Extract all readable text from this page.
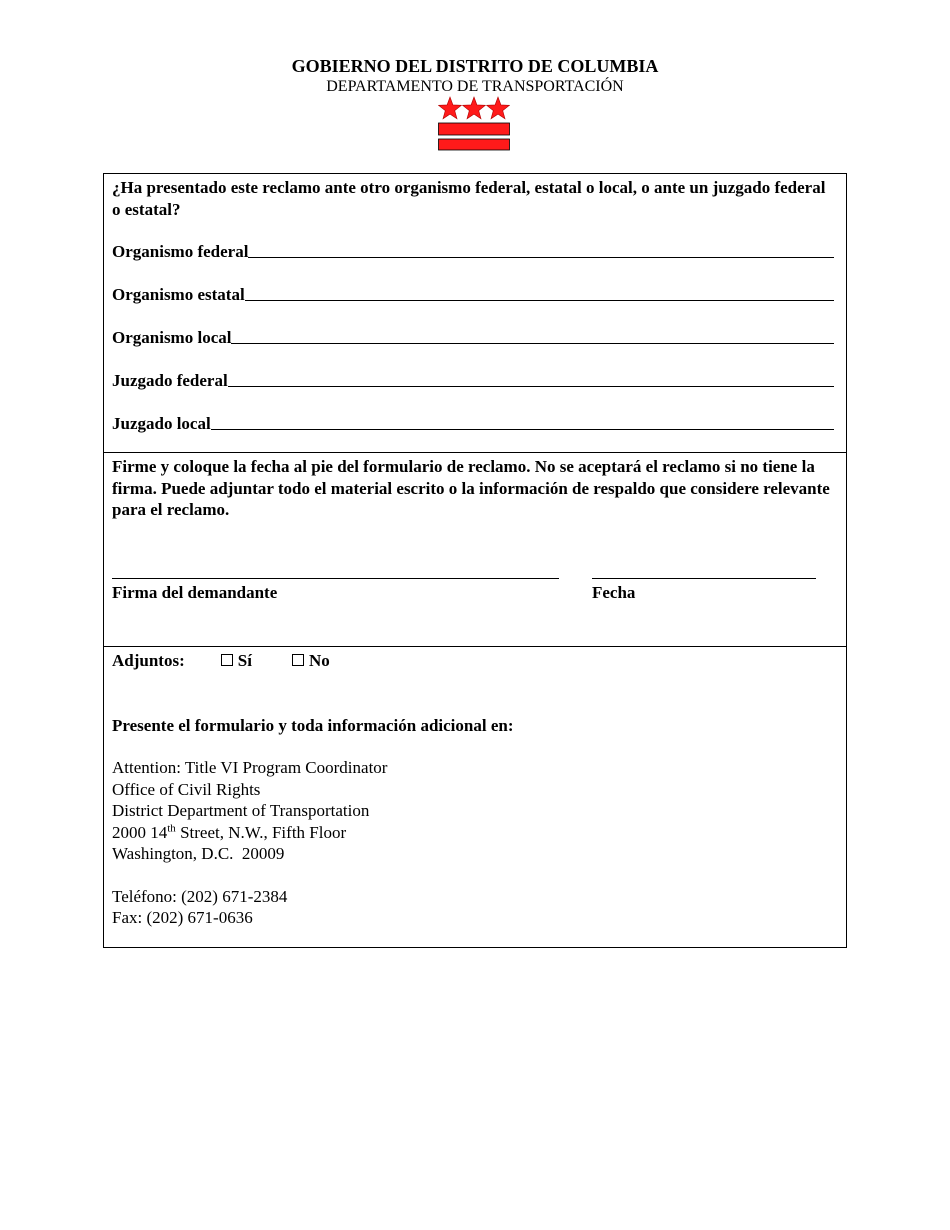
GOBIERNO DEL DISTRITO DE COLUMBIA
DEPARTAMENTO DE TRANSPORTACIÓN
¿Ha presentado este reclamo ante otro organismo federal, estatal o local, o ante un juzgado federal o estatal?
Organismo federal
Organismo estatal
Organismo local
Juzgado federal
Juzgado local
Firme y coloque la fecha al pie del formulario de reclamo. No se aceptará el reclamo si no tiene la firma. Puede adjuntar todo el material escrito o la información de respaldo que considere relevante para el reclamo.
Firma del demandante	Fecha
Adjuntos:	Sí	No
Presente el formulario y toda información adicional en:
Attention: Title VI Program Coordinator
Office of Civil Rights
District Department of Transportation
2000 14th Street, N.W., Fifth Floor
Washington, D.C.  20009
Teléfono: (202) 671-2384
Fax: (202) 671-0636
